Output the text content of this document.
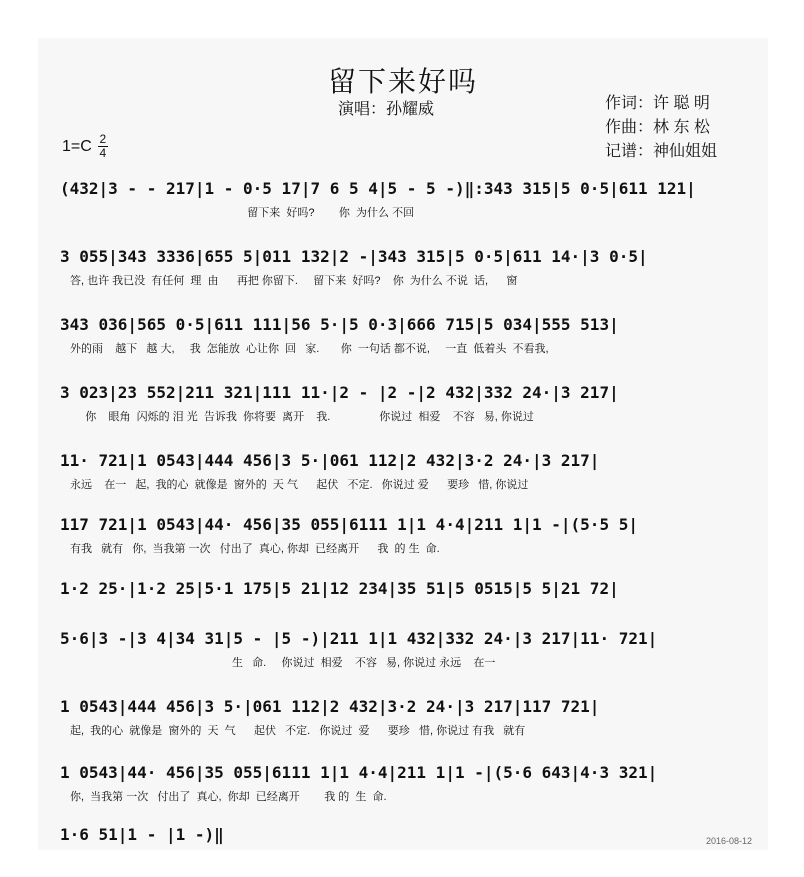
留下来好吗
演唱：孙耀威	作词：许 聪 明
作曲：林 东 松
记谱：神仙姐姐
$1=C \frac{2}{4}$
(432|3 - - 217|1 - 0·5 17|7 6 5 4|5 - 5 -)‖:343 315|5 0·5|611 121|
留下来  好吗?        你  为什么 不回
3 055|343 3336|655 5|011 132|2 -|343 315|5 0·5|611 14·|3 0·5|
答, 也许 我已没  有任何  理  由      再把 你留下.     留下来  好吗?    你  为什么 不说  话,      窗
343 036|565 0·5|611 111|56 5·|5 0·3|666 715|5 034|555 513|
外的雨    越下   越 大,     我  怎能放  心让你  回   家.       你  一句话 都不说,     一直  低着头  不看我,
3 023|23 552|211 321|111 11·|2 - |2 -|2 432|332 24·|3 217|
你    眼角  闪烁的 泪 光  告诉我  你将要  离开    我.                你说过  相爱    不容   易, 你说过
11· 721|1 0543|444 456|3 5·|061 112|2 432|3·2 24·|3 217|
永远    在一   起,  我的心  就像是  窗外的  天 气      起伏   不定.   你说过 爱      要珍   惜, 你说过
117 721|1 0543|44· 456|35 055|6111 1|1 4·4|211 1|1 -|(5·5 5|
有我   就有   你,  当我第 一次   付出了  真心, 你却  已经离开      我  的 生  命.
1·2 25·|1·2 25|5·1 175|5 21|12 234|35 51|5 0515|5 5|21 72|
5·6|3 -|3 4|34 31|5 - |5 -)|211 1|1 432|332 24·|3 217|11· 721|
生   命.     你说过  相爱    不容   易, 你说过 永远    在一
1 0543|444 456|3 5·|061 112|2 432|3·2 24·|3 217|117 721|
起,  我的心  就像是  窗外的  天  气      起伏   不定.   你说过  爱      要珍   惜, 你说过 有我   就有
1 0543|44· 456|35 055|6111 1|1 4·4|211 1|1 -|(5·6 643|4·3 321|
你,  当我第 一次   付出了  真心,  你却  已经离开        我 的  生  命.
1·6 51|1 - |1 -)‖	2016-08-12
